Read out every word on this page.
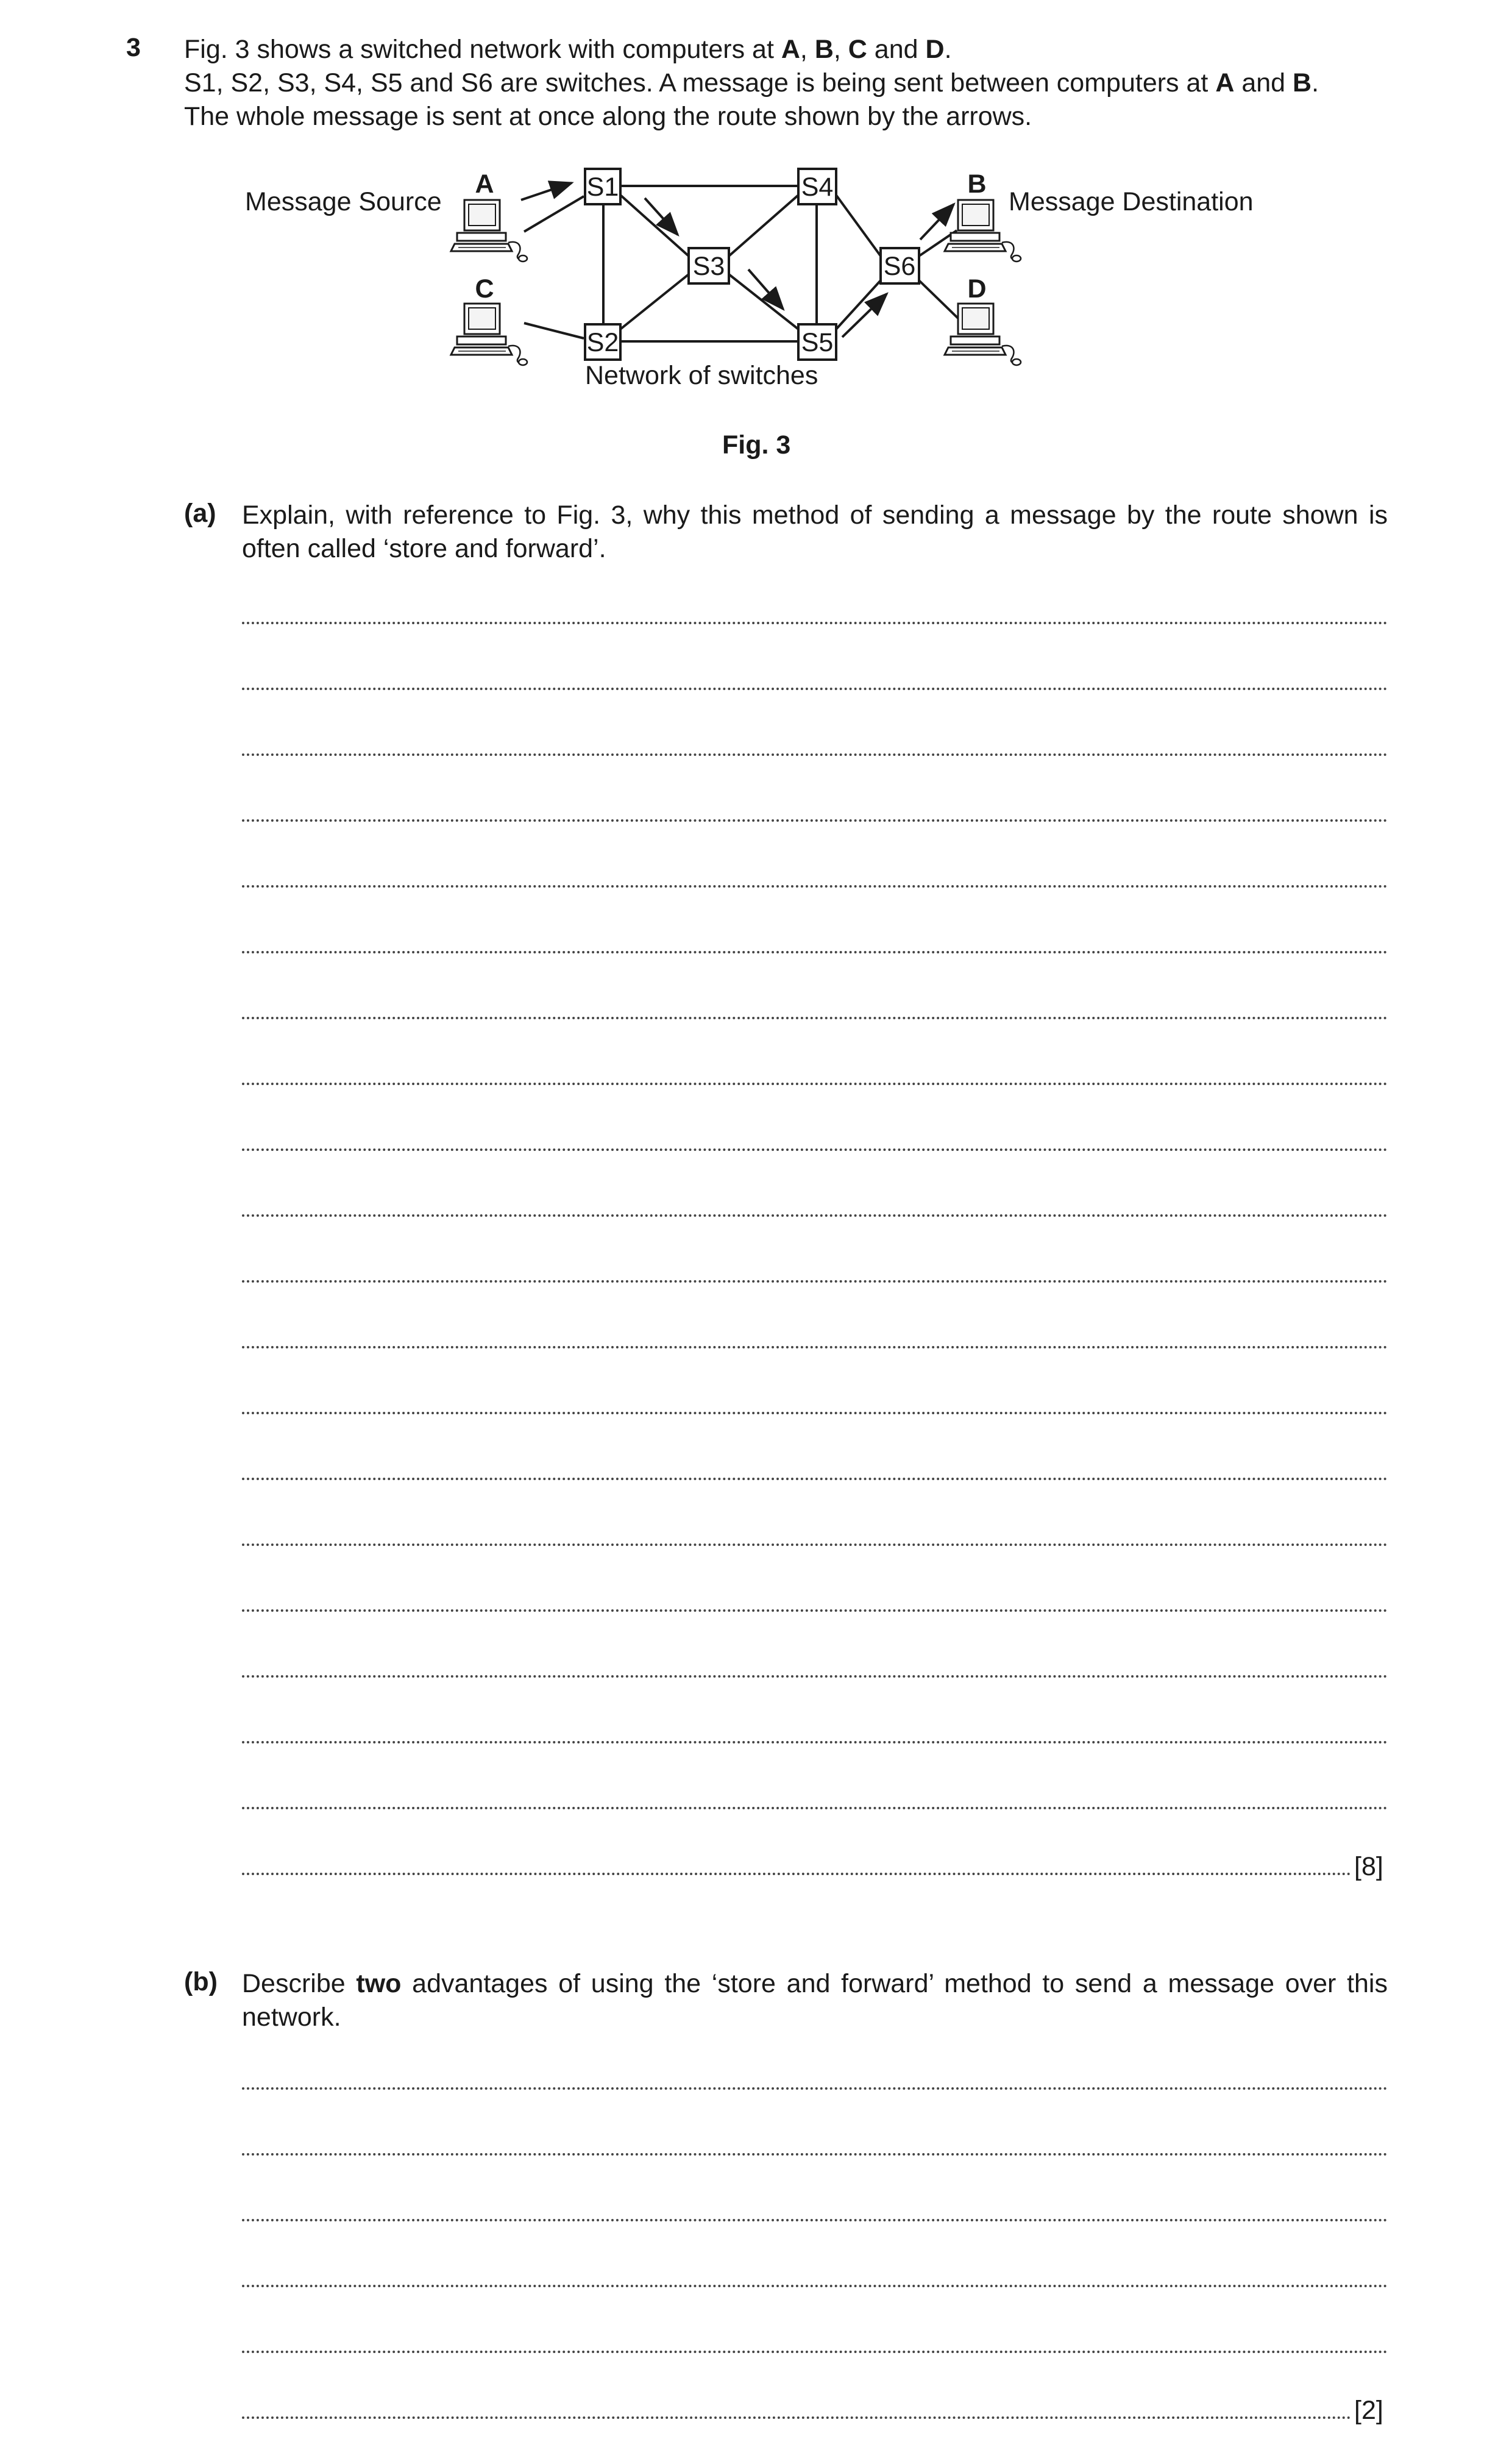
3 Fig. 3 shows a switched network with computers at A, B, C and D.
S1, S2, S3, S4, S5 and S6 are switches. A message is being sent between computers at A and B.
The whole message is sent at once along the route shown by the arrows.
S1
S2
S3
S4
S5
S6
A
C
B
D
Message Source	Message Destination
Network of switches
Fig. 3
(a) Explain, with reference to Fig. 3, why this method of sending a message by the route shown is often called ‘store and forward’.
[8]
(b) Describe two advantages of using the ‘store and forward’ method to send a message over this network.
[2]
